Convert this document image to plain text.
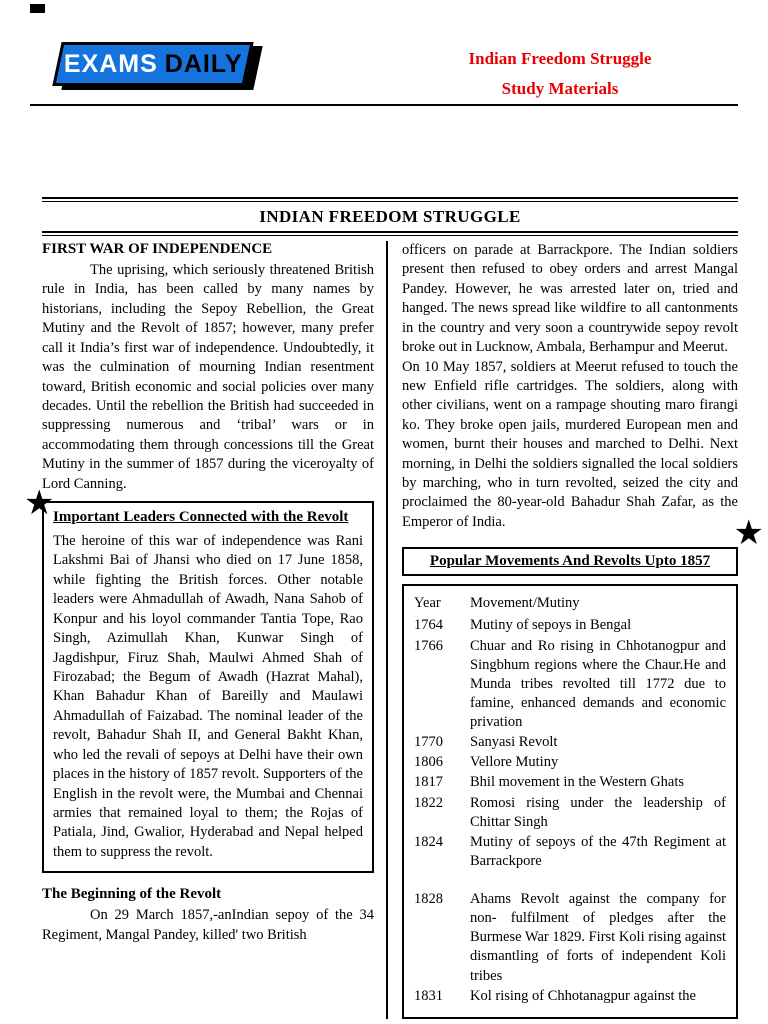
EXAMS DAILY	Indian Freedom Struggle
Study Materials
INDIAN FREEDOM STRUGGLE
FIRST WAR OF INDEPENDENCE

The uprising, which seriously threatened British rule in India, has been called by many names by historians, including the Sepoy Rebellion, the Great Mutiny and the Revolt of 1857; however, many prefer call it India’s first war of independence. Undoubtedly, it was the culmination of mourning Indian resentment toward, British economic and social policies over many decades. Until the rebellion the British had succeeded in suppressing numerous and ‘tribal’ wars or in accommodating them through concessions till the Great Mutiny in the summer of 1857 during the viceroyalty of Lord Canning.

★
Important Leaders Connected with the Revolt

The heroine of this war of independence was Rani Lakshmi Bai of Jhansi who died on 17 June 1858, while fighting the British forces. Other notable leaders were Ahmadullah of Awadh, Nana Sahob of Konpur and his loyol commander Tantia Tope, Rao Singh, Azimullah Khan, Kunwar Singh of Jagdishpur, Firuz Shah, Maulwi Ahmed Shah of Firozabad; the Begum of Awadh (Hazrat Mahal), Khan Bahadur Khan of Bareilly and Maulawi Ahmadullah of Faizabad. The nominal leader of the revolt, Bahadur Shah II, and General Bakht Khan, who led the revali of sepoys at Delhi have their own places in the history of 1857 revolt. Supporters of the English in the revolt were, the Mumbai and Chennai armies that remained loyal to them; the Rojas of Patiala, Jind, Gwalior, Hyderabad and Nepal helped them to suppress the revolt.

The Beginning of the Revolt

On 29 March 1857,-anIndian sepoy of the 34 Regiment, Mangal Pandey, killed' two British

★

officers on parade at Barrackpore. The Indian soldiers present then refused to obey orders and arrest Mangal Pandey. However, he was arrested later on, tried and hanged. The news spread like wildfire to all cantonments in the country and very soon a countrywide sepoy revolt broke out in Lucknow, Ambala, Berhampur and Meerut.

On 10 May 1857, soldiers at Meerut refused to touch the new Enfield rifle cartridges. The soldiers, along with other civilians, went on a rampage shouting maro firangi ko. They broke open jails, murdered European men and women, burnt their houses and marched to Delhi. Next morning, in Delhi the soldiers signalled the local soldiers by marching, who in turn revolted, seized the city and proclaimed the 80-year-old Bahadur Shah Zafar, as the Emperor of India.

Popular Movements And Revolts Upto 1857
Year	Movement/Mutiny
1764	Mutiny of sepoys in Bengal
1766	Chuar and Ro rising in Chhotanogpur and Singbhum regions where the Chaur.He and Munda tribes revolted till 1772 due to famine, enhanced demands and economic privation
1770	Sanyasi Revolt
1806	Vellore Mutiny
1817	Bhil movement in the Western Ghats
1822	Romosi rising under the leadership of Chittar Singh
1824	Mutiny of sepoys of the 47th Regiment at Barrackpore
1828	Ahams Revolt against the company for non- fulfilment of pledges after the Burmese War 1829. First Koli rising against dismantling of forts of independent Koli tribes
1831	Kol rising of Chhotanagpur against the
